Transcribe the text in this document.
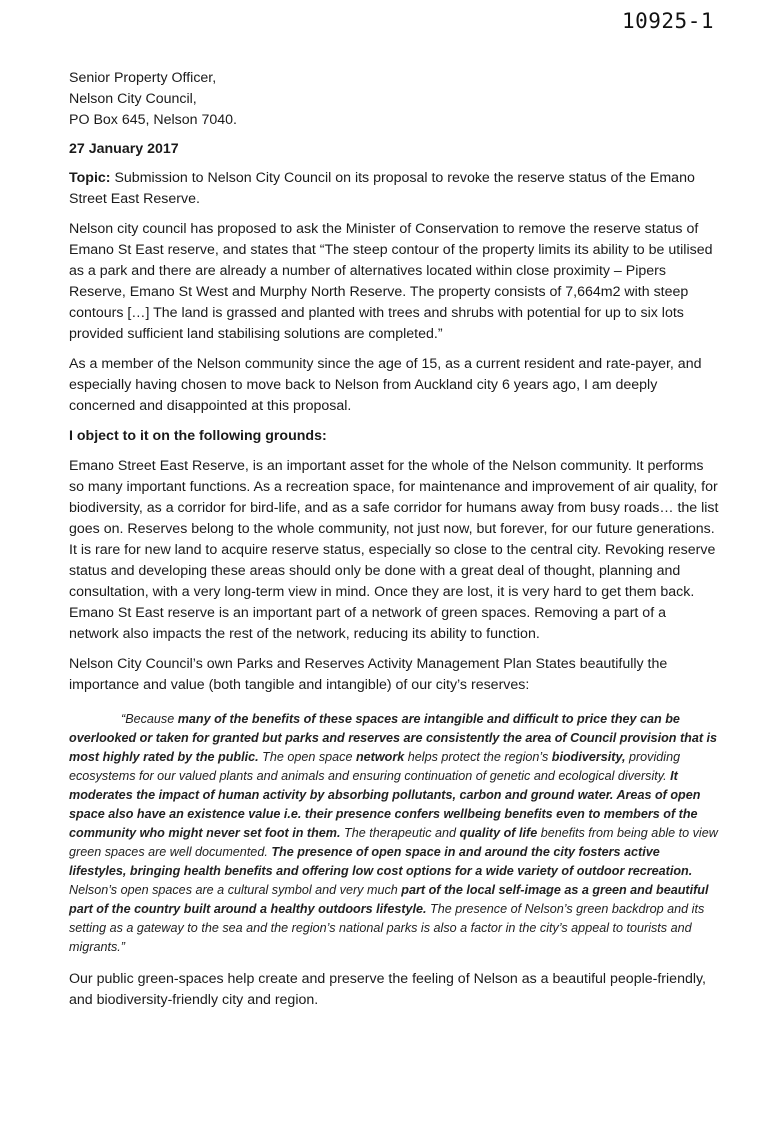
10925-1
Senior Property Officer,
Nelson City Council,
PO Box 645, Nelson 7040.
27 January 2017

Topic: Submission to Nelson City Council on its proposal to revoke the reserve status of the Emano Street East Reserve.

Nelson city council has proposed to ask the Minister of Conservation to remove the reserve status of Emano St East reserve, and states that “The steep contour of the property limits its ability to be utilised as a park and there are already a number of alternatives located within close proximity – Pipers Reserve, Emano St West and Murphy North Reserve. The property consists of 7,664m2 with steep contours […] The land is grassed and planted with trees and shrubs with potential for up to six lots provided sufficient land stabilising solutions are completed.”

As a member of the Nelson community since the age of 15, as a current resident and rate-payer, and especially having chosen to move back to Nelson from Auckland city 6 years ago, I am deeply concerned and disappointed at this proposal.

I object to it on the following grounds:

Emano Street East Reserve, is an important asset for the whole of the Nelson community. It performs so many important functions. As a recreation space, for maintenance and improvement of air quality, for biodiversity, as a corridor for bird-life, and as a safe corridor for humans away from busy roads… the list goes on. Reserves belong to the whole community, not just now, but forever, for our future generations. It is rare for new land to acquire reserve status, especially so close to the central city. Revoking reserve status and developing these areas should only be done with a great deal of thought, planning and consultation, with a very long-term view in mind. Once they are lost, it is very hard to get them back. Emano St East reserve is an important part of a network of green spaces. Removing a part of a network also impacts the rest of the network, reducing its ability to function.

Nelson City Council’s own Parks and Reserves Activity Management Plan States beautifully the importance and value (both tangible and intangible) of our city’s reserves:

“Because many of the benefits of these spaces are intangible and difficult to price they can be overlooked or taken for granted but parks and reserves are consistently the area of Council provision that is most highly rated by the public. The open space network helps protect the region’s biodiversity, providing ecosystems for our valued plants and animals and ensuring continuation of genetic and ecological diversity. It moderates the impact of human activity by absorbing pollutants, carbon and ground water. Areas of open space also have an existence value i.e. their presence confers wellbeing benefits even to members of the community who might never set foot in them. The therapeutic and quality of life benefits from being able to view green spaces are well documented. The presence of open space in and around the city fosters active lifestyles, bringing health benefits and offering low cost options for a wide variety of outdoor recreation. Nelson’s open spaces are a cultural symbol and very much part of the local self-image as a green and beautiful part of the country built around a healthy outdoors lifestyle. The presence of Nelson’s green backdrop and its setting as a gateway to the sea and the region’s national parks is also a factor in the city’s appeal to tourists and migrants.”

Our public green-spaces help create and preserve the feeling of Nelson as a beautiful people-friendly, and biodiversity-friendly city and region.
